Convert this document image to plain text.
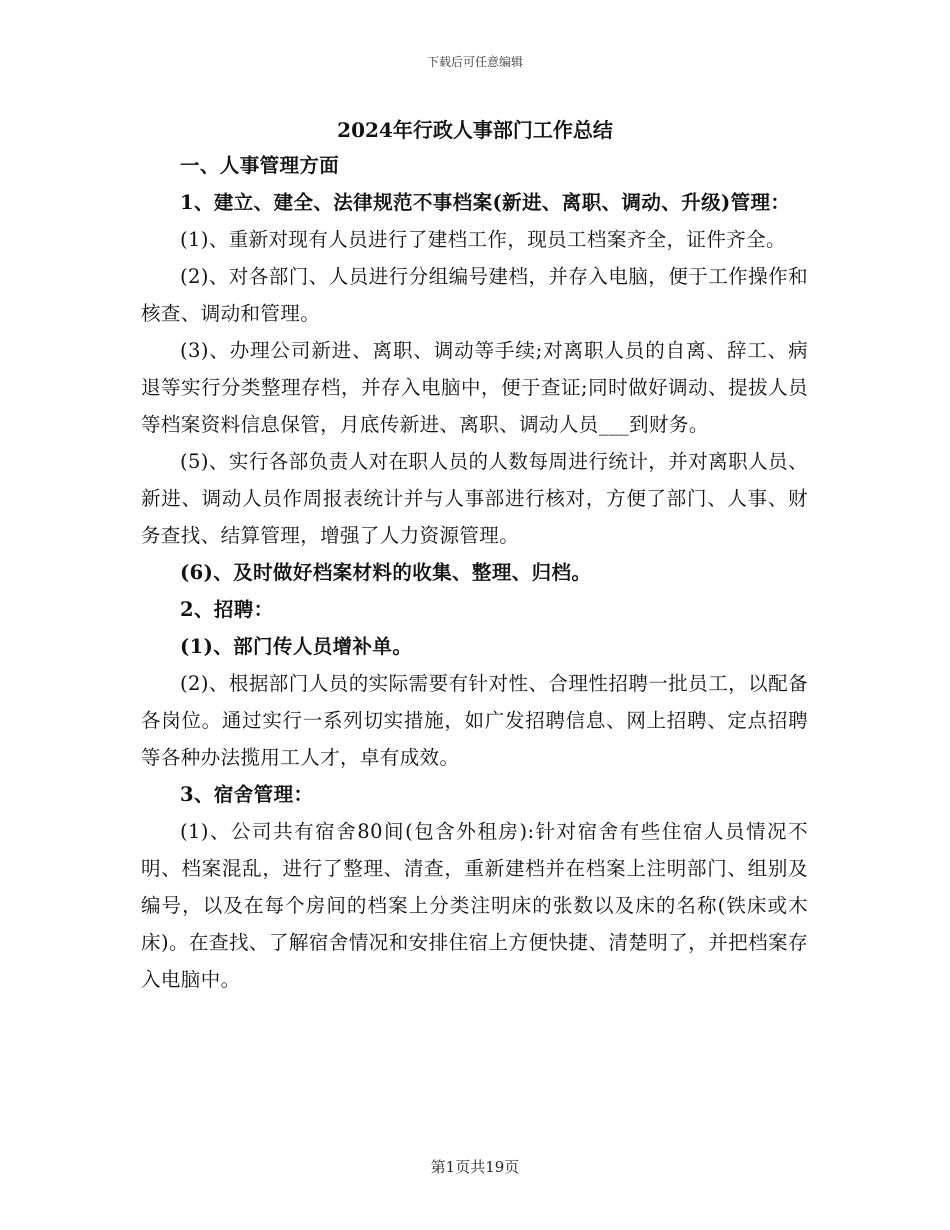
下载后可任意编辑
2024年行政人事部门工作总结

一、人事管理方面

1、建立、建全、法律规范不事档案(新进、离职、调动、升级)管理：

(1)、重新对现有人员进行了建档工作，现员工档案齐全，证件齐全。

(2)、对各部门、人员进行分组编号建档，并存入电脑，便于工作操作和核查、调动和管理。

(3)、办理公司新进、离职、调动等手续;对离职人员的自离、辞工、病退等实行分类整理存档，并存入电脑中，便于查证;同时做好调动、提拔人员等档案资料信息保管，月底传新进、离职、调动人员___到财务。

(5)、实行各部负责人对在职人员的人数每周进行统计，并对离职人员、新进、调动人员作周报表统计并与人事部进行核对，方便了部门、人事、财务查找、结算管理，增强了人力资源管理。

(6)、及时做好档案材料的收集、整理、归档。

2、招聘：

(1)、部门传人员增补单。

(2)、根据部门人员的实际需要有针对性、合理性招聘一批员工，以配备各岗位。通过实行一系列切实措施，如广发招聘信息、网上招聘、定点招聘等各种办法揽用工人才，卓有成效。

3、宿舍管理：

(1)、公司共有宿舍80间(包含外租房):针对宿舍有些住宿人员情况不明、档案混乱，进行了整理、清查，重新建档并在档案上注明部门、组别及编号，以及在每个房间的档案上分类注明床的张数以及床的名称(铁床或木床)。在查找、了解宿舍情况和安排住宿上方便快捷、清楚明了，并把档案存入电脑中。

第1页共19页
